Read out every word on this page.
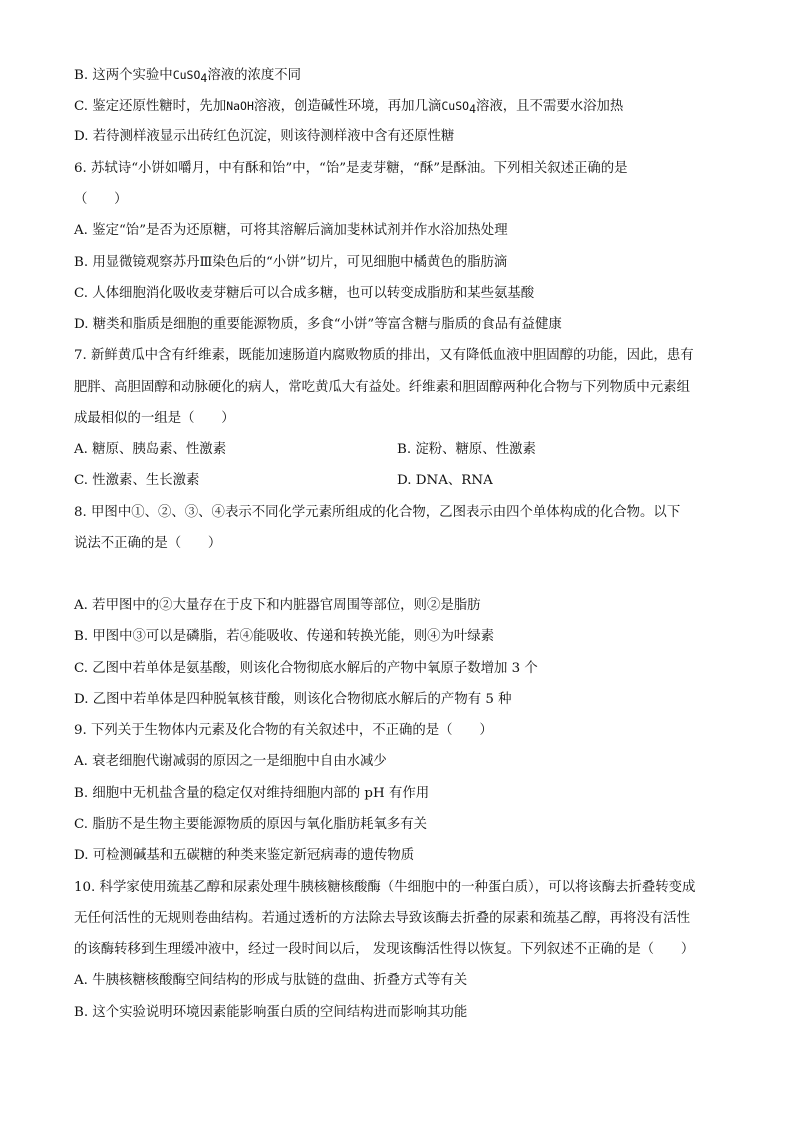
B. 这两个实验中CuSO4溶液的浓度不同
C. 鉴定还原性糖时，先加NaOH溶液，创造碱性环境，再加几滴CuSO4溶液，且不需要水浴加热
D. 若待测样液显示出砖红色沉淀，则该待测样液中含有还原性糖
6. 苏轼诗“小饼如嚼月，中有酥和饴”中，“饴”是麦芽糖，“酥”是酥油。下列相关叙述正确的是
（　　）
A. 鉴定“饴”是否为还原糖，可将其溶解后滴加斐林试剂并作水浴加热处理
B. 用显微镜观察苏丹Ⅲ染色后的“小饼”切片，可见细胞中橘黄色的脂肪滴
C. 人体细胞消化吸收麦芽糖后可以合成多糖，也可以转变成脂肪和某些氨基酸
D. 糖类和脂质是细胞的重要能源物质，多食“小饼”等富含糖与脂质的食品有益健康
7. 新鲜黄瓜中含有纤维素，既能加速肠道内腐败物质的排出，又有降低血液中胆固醇的功能，因此，患有
肥胖、高胆固醇和动脉硬化的病人，常吃黄瓜大有益处。纤维素和胆固醇两种化合物与下列物质中元素组
成最相似的一组是（　　）
A. 糖原、胰岛素、性激素	B. 淀粉、糖原、性激素
C. 性激素、生长激素	D. DNA、RNA
8. 甲图中①、②、③、④表示不同化学元素所组成的化合物，乙图表示由四个单体构成的化合物。以下
说法不正确的是（　　）
A. 若甲图中的②大量存在于皮下和内脏器官周围等部位，则②是脂肪
B. 甲图中③可以是磷脂，若④能吸收、传递和转换光能，则④为叶绿素
C. 乙图中若单体是氨基酸，则该化合物彻底水解后的产物中氧原子数增加 3 个
D. 乙图中若单体是四种脱氧核苷酸，则该化合物彻底水解后的产物有 5 种
9. 下列关于生物体内元素及化合物的有关叙述中，不正确的是（　　）
A. 衰老细胞代谢减弱的原因之一是细胞中自由水减少
B. 细胞中无机盐含量的稳定仅对维持细胞内部的 pH 有作用
C. 脂肪不是生物主要能源物质的原因与氧化脂肪耗氧多有关
D. 可检测碱基和五碳糖的种类来鉴定新冠病毒的遗传物质
10. 科学家使用巯基乙醇和尿素处理牛胰核糖核酸酶（牛细胞中的一种蛋白质），可以将该酶去折叠转变成
无任何活性的无规则卷曲结构。若通过透析的方法除去导致该酶去折叠的尿素和巯基乙醇，再将没有活性
的该酶转移到生理缓冲液中，经过一段时间以后， 发现该酶活性得以恢复。下列叙述不正确的是（　　）
A. 牛胰核糖核酸酶空间结构的形成与肽链的盘曲、折叠方式等有关
B. 这个实验说明环境因素能影响蛋白质的空间结构进而影响其功能
